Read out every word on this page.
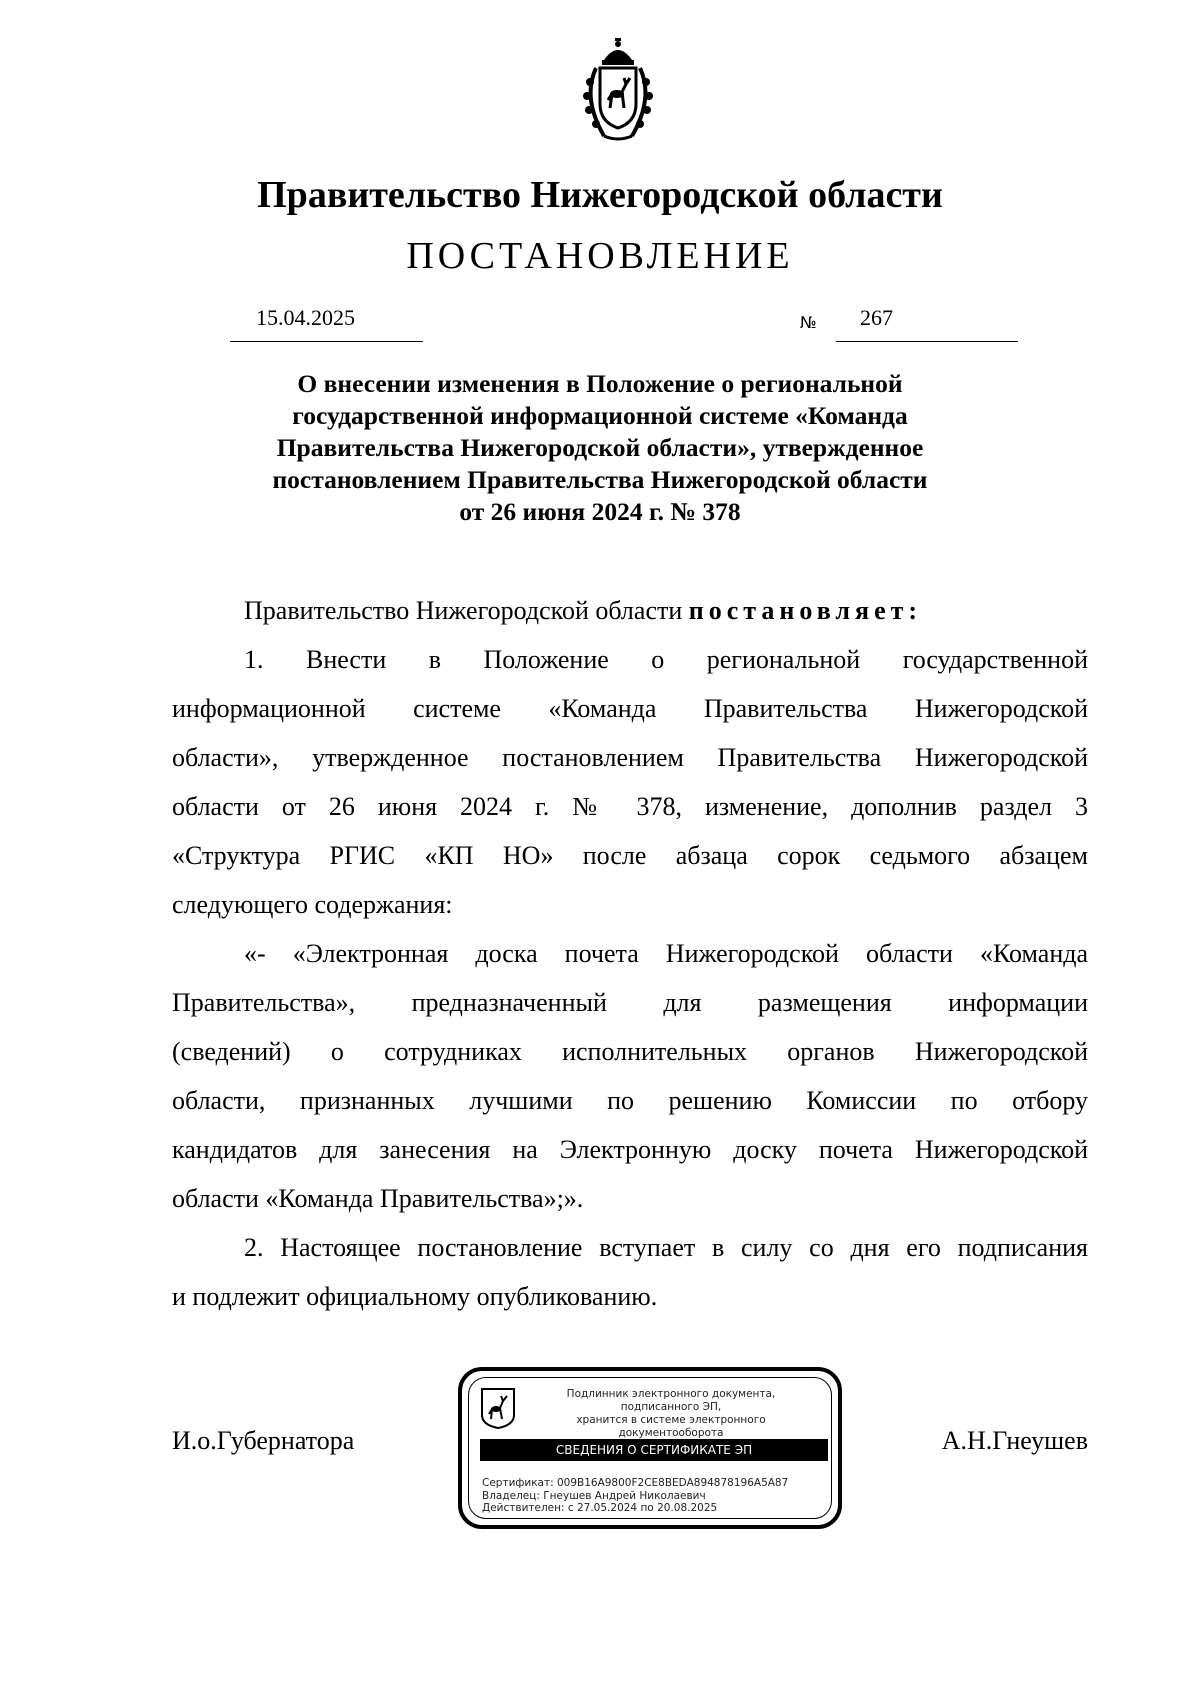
Правительство Нижегородской области
ПОСТАНОВЛЕНИЕ
15.04.2025	№ 267
О внесении изменения в Положение о региональной
государственной информационной системе «Команда
Правительства Нижегородской области», утвержденное
постановлением Правительства Нижегородской области
от 26 июня 2024 г. № 378
Правительство Нижегородской области постановляет:
1. Внести в Положение о региональной государственной
информационной системе «Команда Правительства Нижегородской
области», утвержденное постановлением Правительства Нижегородской
области от 26 июня 2024 г. № 378, изменение, дополнив раздел 3
«Структура РГИС «КП НО» после абзаца сорок седьмого абзацем
следующего содержания:
«- «Электронная доска почета Нижегородской области «Команда
Правительства», предназначенный для размещения информации
(сведений) о сотрудниках исполнительных органов Нижегородской
области, признанных лучшими по решению Комиссии по отбору
кандидатов для занесения на Электронную доску почета Нижегородской
области «Команда Правительства»;».
2. Настоящее постановление вступает в силу со дня его подписания
и подлежит официальному опубликованию.
И.о.Губернатора	А.Н.Гнеушев
Подлинник электронного документа, подписанного ЭП,
хранится в системе электронного документооборота
СВЕДЕНИЯ О СЕРТИФИКАТЕ ЭП
Сертификат: 009B16A9800F2CE8BEDA894878196A5A87
Владелец: Гнеушев Андрей Николаевич
Действителен: с 27.05.2024 по 20.08.2025
